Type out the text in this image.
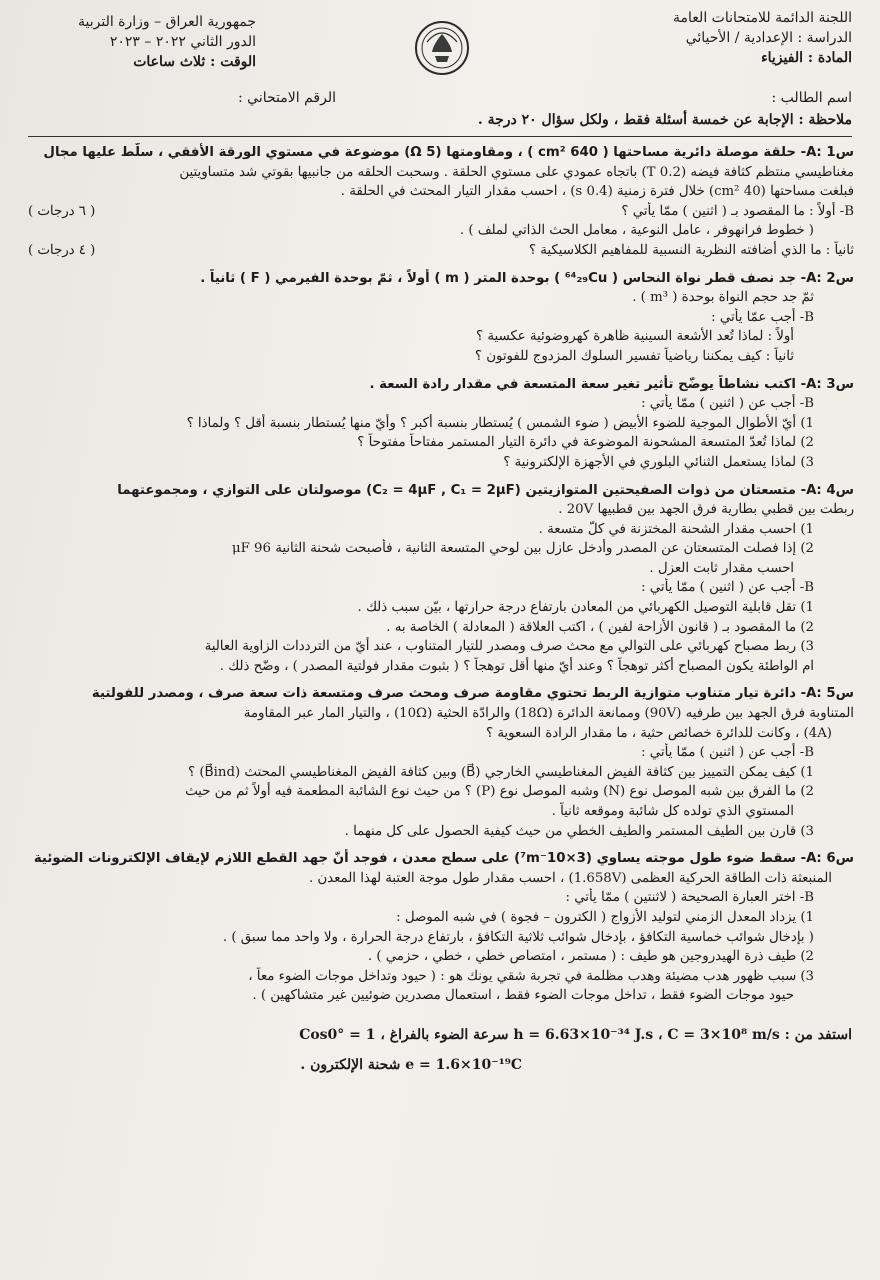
اللجنة الدائمة للامتحانات العامة
الدراسة : الإعدادية / الأحيائي
المادة : الفيزياء
جمهورية العراق – وزارة التربية
الدور الثاني ٢٠٢٢ – ٢٠٢٣
الوقت : ثلاث ساعات
اسم الطالب :
الرقم الامتحاني :
ملاحظة : الإجابة عن خمسة أسئلة فقط ، ولكل سؤال ٢٠ درجة .
س1 :A- حلقة موصلة دائرية مساحتها ( 640 cm² ) ، ومقاومتها (5 Ω) موضوعة في مستوي الورقة الأفقي ، سلّط عليها مجال
مغناطيسي منتظم كثافة فيضه (0.2 T) باتجاه عمودي على مستوي الحلقة . وسحبت الحلقه من جانبيها بقوتي شد متساويتين
فبلغت مساحتها (40 cm²) خلال فترة زمنية (0.4 s) ، احسب مقدار التيار المحتث في الحلقة .
( ٦ درجات )	B- أولاً : ما المقصود بـ ( اثنين ) ممّا يأتي ؟
( خطوط فرانهوفر ، عامل النوعية ، معامل الحث الذاتي لملف ) .
( ٤ درجات )	ثانياً : ما الذي أضافته النظرية النسبية للمفاهيم الكلاسيكية ؟
س2 :A- جد نصف قطر نواة النحاس ( ⁶⁴₂₉Cu ) بوحدة المتر ( m ) أولاً ، ثمّ بوحدة الفيرمي ( F ) ثانياً .
ثمّ جد حجم النواة بوحدة ( m³ ) .
B- أجب عمّا يأتي :
أولاً : لماذا تُعد الأشعة السينية ظاهرة كهروضوئية عكسية ؟
ثانياً : كيف يمكننا رياضياً تفسير السلوك المزدوج للفوتون ؟
س3 :A- اكتب نشاطاً يوضّح تأثير تغير سعة المتسعة في مقدار رادة السعة .
B- أجب عن ( اثنين ) ممّا يأتي :
1) أيّ الأطوال الموجية للضوء الأبيض ( ضوء الشمس ) يُستطار بنسبة أكبر ؟ وأيّ منها يُستطار بنسبة أقل ؟ ولماذا ؟
2) لماذا تُعدّ المتسعة المشحونة الموضوعة في دائرة التيار المستمر مفتاحاً مفتوحاً ؟
3) لماذا يستعمل الثنائي البلوري في الأجهزة الإلكترونية ؟
س4 :A- متسعتان من ذوات الصفيحتين المتوازيتين (C₂ = 4μF , C₁ = 2μF) موصولتان على التوازي ، ومجموعتهما
ربطت بين قطبي بطارية فرق الجهد بين قطبيها 20V .
1) احسب مقدار الشحنة المختزنة في كلّ متسعة .
2) إذا فصلت المتسعتان عن المصدر وأدخل عازل بين لوحي المتسعة الثانية ، فأصبحت شحنة الثانية 96 μF
احسب مقدار ثابت العزل .
B- أجب عن ( اثنين ) ممّا يأتي :
1) تقل قابلية التوصيل الكهربائي من المعادن بارتفاع درجة حرارتها ، بيّن سبب ذلك .
2) ما المقصود بـ ( قانون الأزاحة لفين ) ، اكتب العلاقة ( المعادلة ) الخاصة به .
3) ربط مصباح كهربائي على التوالي مع محث صرف ومصدر للتيار المتناوب ، عند أيّ من الترددات الزاوية العالية
ام الواطئة يكون المصباح أكثر توهجاً ؟ وعند أيّ منها أقل توهجاً ؟ ( بثبوت مقدار فولتية المصدر ) ، وضّح ذلك .
س5 :A- دائرة تيار متناوب متوازية الربط تحتوي مقاومة صرف ومحث صرف ومتسعة ذات سعة صرف ، ومصدر للفولتية
المتناوبة فرق الجهد بين طرفيه (90V) وممانعة الدائرة (18Ω) والرادّة الحثية (10Ω) ، والتيار المار عبر المقاومة
(4A) ، وكانت للدائرة خصائص حثية ، ما مقدار الرادة السعوية ؟
B- أجب عن ( اثنين ) ممّا يأتي :
1) كيف يمكن التمييز بين كثافة الفيض المغناطيسي الخارجي (B⃗) وبين كثافة الفيض المغناطيسي المحتث (B⃗ind) ؟
2) ما الفرق بين شبه الموصل نوع (N) وشبه الموصل نوع (P) ؟ من حيث نوع الشائبة المطعمة فيه أولاً ثم من حيث
المستوي الذي تولده كل شائبة وموقعه ثانياً .
3) قارن بين الطيف المستمر والطيف الخطي من حيث كيفية الحصول على كل منهما .
س6 :A- سقط ضوء طول موجته يساوي (3×10⁻⁷m) على سطح معدن ، فوجد أنّ جهد القطع اللازم لإيقاف الإلكترونات الضوئية
المنبعثة ذات الطاقة الحركية العظمى (1.658V) ، احسب مقدار طول موجة العتبة لهذا المعدن .
B- اختر العبارة الصحيحة ( لاثنتين ) ممّا يأتي :
1) يزداد المعدل الزمني لتوليد الأزواج ( الكترون – فجوة ) في شبه الموصل :
( بإدخال شوائب خماسية التكافؤ ، بإدخال شوائب ثلاثية التكافؤ ، بارتفاع درجة الحرارة ، ولا واحد مما سبق ) .
2) طيف ذرة الهيدروجين هو طيف : ( مستمر ، امتصاص خطي ، خطي ، حزمي ) .
3) سبب ظهور هدب مضيئة وهدب مظلمة في تجربة شقي يونك هو : ( حيود وتداخل موجات الضوء معاً ،
حيود موجات الضوء فقط ، تداخل موجات الضوء فقط ، استعمال مصدرين ضوئيين غير متشاكهين ) .
استفد من : h = 6.63×10⁻³⁴ J.s ، C = 3×10⁸ m/s سرعة الضوء بالفراغ ، Cos0° = 1
e = 1.6×10⁻¹⁹C شحنة الإلكترون .
